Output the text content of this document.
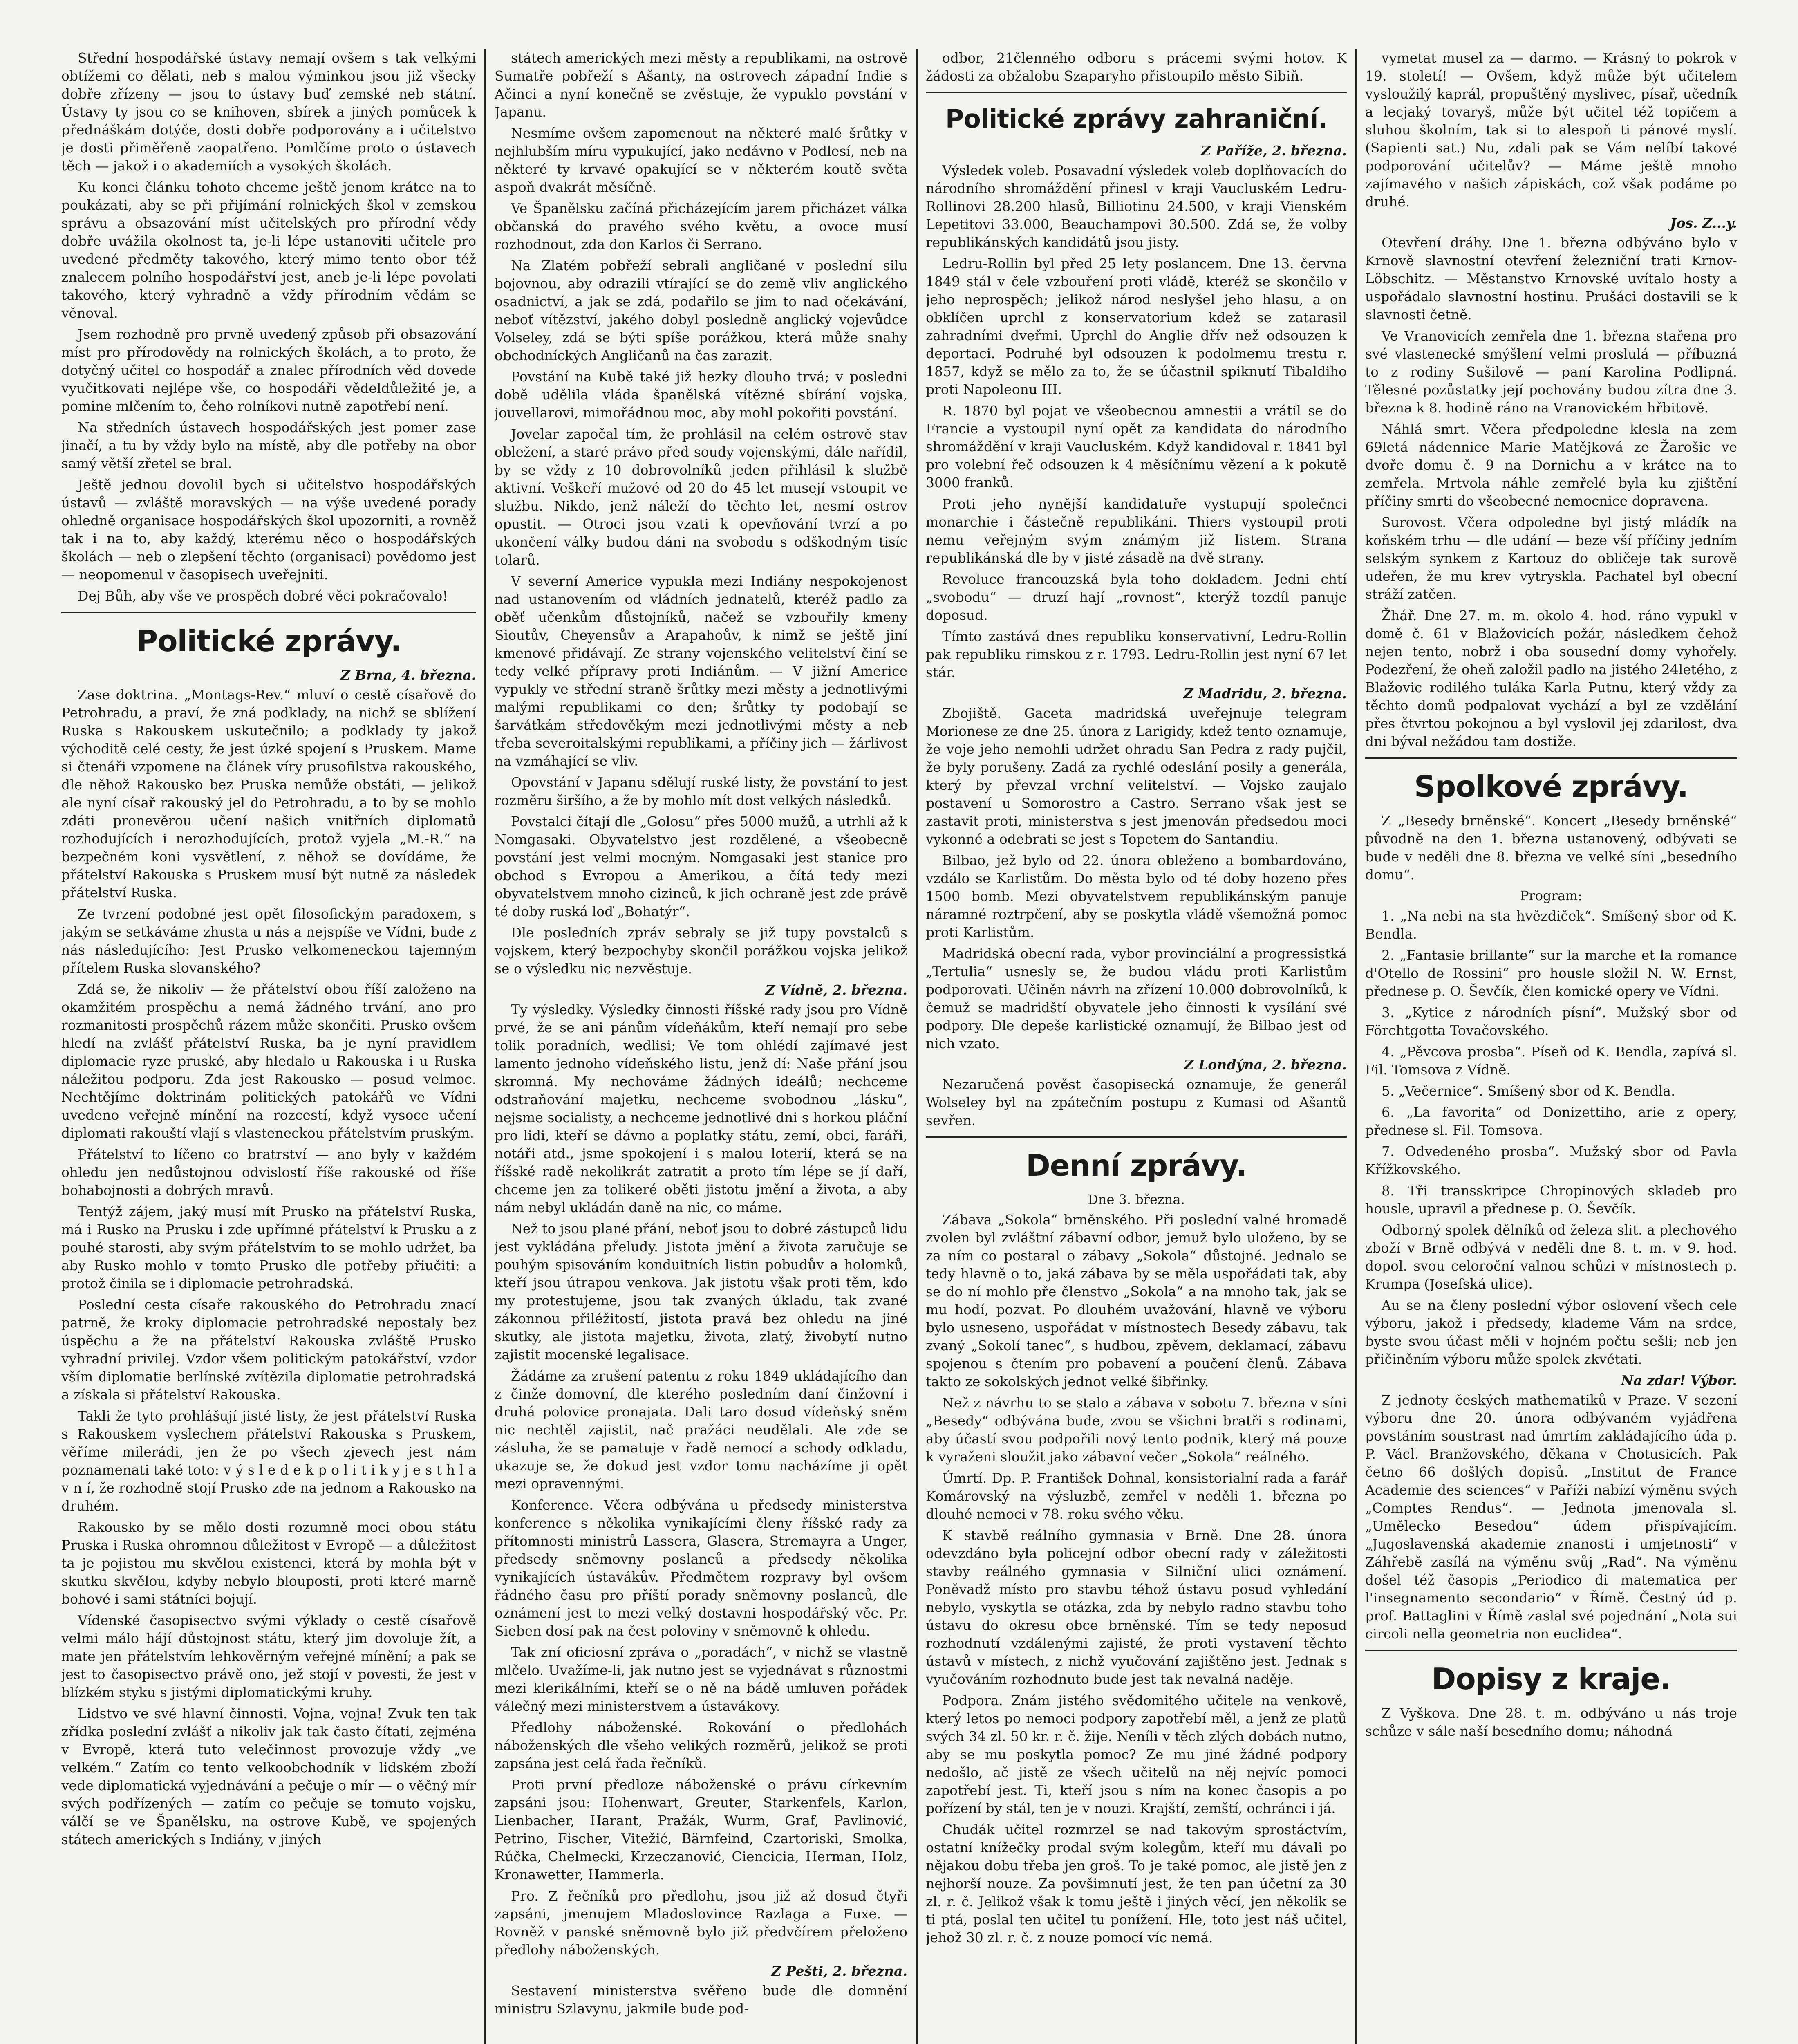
Střední hospodářské ústavy nemají ovšem s tak velkými obtížemi co dělati, neb s malou výminkou jsou již všecky dobře zřízeny — jsou to ústavy buď zemské neb státní. Ústavy ty jsou co se knihoven, sbírek a jiných pomůcek k přednáškám dotýče, dosti dobře podporovány a i učitelstvo je dosti přiměřeně zaopatřeno. Pomlčíme proto o ústavech těch — jakož i o akademiích a vysokých školách.

Ku konci článku tohoto chceme ještě jenom krátce na to poukázati, aby se při přijímání rolnických škol v zemskou správu a obsazování míst učitelských pro přírodní vědy dobře uvážila okolnost ta, je-li lépe ustanoviti učitele pro uvedené předměty takového, který mimo tento obor též znalecem polního hospodářství jest, aneb je-li lépe povolati takového, který vyhradně a vždy přírodním vědám se věnoval.

Jsem rozhodně pro prvně uvedený způsob při obsazování míst pro přírodovědy na rolnických školách, a to proto, že dotyčný učitel co hospodář a znalec přírodních věd dovede vyučitkovati nejlépe vše, co hospodáři vědeldůležité je, a pomine mlčením to, čeho rolníkovi nutně zapotřebí není.

Na středních ústavech hospodářských jest pomer zase jinačí, a tu by vždy bylo na místě, aby dle potřeby na obor samý větší zřetel se bral.

Ještě jednou dovolil bych si učitelstvo hospodářských ústavů — zvláště moravských — na výše uvedené porady ohledně organisace hospodářských škol upozorniti, a rovněž tak i na to, aby každý, kterému něco o hospodářských školách — neb o zlepšení těchto (organisaci) povědomo jest — neopomenul v časopisech uveřejniti.

Dej Bůh, aby vše ve prospěch dobré věci pokračovalo!

Politické zprávy.

Z Brna, 4. března.

Zase doktrina. „Montags-Rev.“ mluví o cestě císařově do Petrohradu, a praví, že zná podklady, na nichž se sblížení Ruska s Rakouskem uskutečnilo; a podklady ty jakož východitě celé cesty, že jest úzké spojení s Pruskem. Mame si čtenáři vzpomene na článek víry prusofilstva rakouského, dle něhož Rakousko bez Pruska nemůže obstáti, — jelikož ale nyní císař rakouský jel do Petrohradu, a to by se mohlo zdáti pronevěrou učení našich vnitřních diplomatů rozhodujících i nerozhodujících, protož vyjela „M.-R.“ na bezpečném koni vysvětlení, z něhož se dovídáme, že přátelství Rakouska s Pruskem musí být nutně za následek přátelství Ruska.

Ze tvrzení podobné jest opět filosofickým paradoxem, s jakým se setkáváme zhusta u nás a nejspíše ve Vídni, bude z nás následujícího: Jest Prusko velkomeneckou tajemným přítelem Ruska slovanského?

Zdá se, že nikoliv — že přátelství obou říší založeno na okamžitém prospěchu a nemá žádného trvání, ano pro rozmanitosti prospěchů rázem může skončiti. Prusko ovšem hledí na zvlášť přátelství Ruska, ba je nyní pravidlem diplomacie ryze pruské, aby hledalo u Rakouska i u Ruska náležitou podporu. Zda jest Rakousko — posud velmoc. Nechtějíme doktrinám politických patokářů ve Vídni uvedeno veřejně mínění na rozcestí, když vysoce učení diplomati rakouští vlají s vlasteneckou přátelstvím pruským.

Přátelství to líčeno co bratrství — ano byly v každém ohledu jen nedůstojnou odvislostí říše rakouské od říše bohabojnosti a dobrých mravů.

Tentýž zájem, jaký musí mít Prusko na přátelství Ruska, má i Rusko na Prusku i zde upřímné přátelství k Prusku a z pouhé starosti, aby svým přátelstvím to se mohlo udržet, ba aby Rusko mohlo v tomto Prusko dle potřeby přiučiti: a protož činila se i diplomacie petrohradská.

Poslední cesta císaře rakouského do Petrohradu znací patrně, že kroky diplomacie petrohradské nepostaly bez úspěchu a že na přátelství Rakouska zvláště Prusko vyhradní privilej. Vzdor všem politickým patokářství, vzdor vším diplomatie berlínské zvítězila diplomatie petrohradská a získala si přátelství Rakouska.

Takli že tyto prohlášují jisté listy, že jest přátelství Ruska s Rakouskem vyslechem přátelství Rakouska s Pruskem, věříme milerádi, jen že po všech zjevech jest nám poznamenati také toto: v ý s l e d e k p o l i t i k y j e s t h l a v n í, že rozhodně stojí Prusko zde na jednom a Rakousko na druhém.

Rakousko by se mělo dosti rozumně moci obou státu Pruska i Ruska ohromnou důležitost v Evropě — a důležitost ta je pojistou mu skvělou existenci, která by mohla být v skutku skvělou, kdyby nebylo blouposti, proti které marně bohové i sami státníci bojují.

Vídenské časopisectvo svými výklady o cestě císařově velmi málo hájí důstojnost státu, který jim dovoluje žít, a mate jen přátelstvím lehkověrným veřejné mínění; a pak se jest to časopisectvo právě ono, jež stojí v povesti, že jest v blízkém styku s jistými diplomatickými kruhy.

Lidstvo ve své hlavní činnosti. Vojna, vojna! Zvuk ten tak zřídka poslední zvlášť a nikoliv jak tak často čítati, zejména v Evropě, která tuto velečinnost provozuje vždy „ve velkém.“ Zatím co tento velkoobchodník v lidském zboží vede diplomatická vyjednávání a pečuje o mír — o věčný mír svých podřízených — zatím co pečuje se tomuto vojsku, válčí se ve Španělsku, na ostrove Kubě, ve spojených státech amerických s Indiány, v jiných

státech amerických mezi městy a republikami, na ostrově Sumatře pobřeží s Ašanty, na ostrovech západní Indie s Ačinci a nyní konečně se zvěstuje, že vypuklo povstání v Japanu.

Nesmíme ovšem zapomenout na některé malé šrůtky v nejhlubším míru vypukující, jako nedávno v Podlesí, neb na některé ty krvavé opakující se v některém koutě světa aspoň dvakrát měsíčně.

Ve Španělsku začíná přicházejícím jarem přicházet válka občanská do pravého svého květu, a ovoce musí rozhodnout, zda don Karlos či Serrano.

Na Zlatém pobřeží sebrali angličané v poslední silu bojovnou, aby odrazili vtírající se do země vliv anglického osadnictví, a jak se zdá, podařilo se jim to nad očekávání, neboť vítězství, jakého dobyl posledně anglický vojevůdce Volseley, zdá se býti spíše porážkou, která může snahy obchodníckých Angličanů na čas zarazit.

Povstání na Kubě také již hezky dlouho trvá; v posledni době udělila vláda španělská vítězné sbírání vojska, jouvellarovi, mimořádnou moc, aby mohl pokořiti povstání.

Jovelar započal tím, že prohlásil na celém ostrově stav obležení, a staré právo před soudy vojenskými, dále nařídil, by se vždy z 10 dobrovolníků jeden přihlásil k službě aktivní. Veškeří mužové od 20 do 45 let musejí vstoupit ve službu. Nikdo, jenž náleží do těchto let, nesmí ostrov opustit. — Otroci jsou vzati k opevňování tvrzí a po ukončení války budou dáni na svobodu s odškodným tisíc tolarů.

V severní Americe vypukla mezi Indiány nespokojenost nad ustanovením od vládních jednatelů, kteréž padlo za oběť učenkům důstojníků, načež se vzbouřily kmeny Sioutův, Cheyensův a Arapahoův, k nimž se ještě jiní kmenové přidávají. Ze strany vojenského velitelství činí se tedy velké přípravy proti Indiánům. — V jižní Americe vypukly ve střední straně šrůtky mezi městy a jednotlivými malými republikami co den; šrůtky ty podobají se šarvátkám středověkým mezi jednotlivými městy a neb třeba severoitalskými republikami, a příčiny jich — žárlivost na vzmáhající se vliv.

Opovstání v Japanu sdělují ruské listy, že povstání to jest rozměru širšího, a že by mohlo mít dost velkých následků.

Povstalci čítají dle „Golosu“ přes 5000 mužů, a utrhli až k Nomgasaki. Obyvatelstvo jest rozdělené, a všeobecně povstání jest velmi mocným. Nomgasaki jest stanice pro obchod s Evropou a Amerikou, a čítá tedy mezi obyvatelstvem mnoho cizinců, k jich ochraně jest zde právě té doby ruská loď „Bohatýr“.

Dle posledních zpráv sebraly se již tupy povstalců s vojskem, který bezpochyby skončil porážkou vojska jelikož se o výsledku nic nezvěstuje.

Z Vídně, 2. března.

Ty výsledky. Výsledky činnosti říšské rady jsou pro Vídně prvé, že se ani pánům vídeňákům, kteří nemají pro sebe tolik poradních, wedlisi; Ve tom ohlédí zajímavé jest lamento jednoho vídeňského listu, jenž dí: Naše přání jsou skromná. My nechováme žádných ideálů; nechceme odstraňování majetku, nechceme svobodnou „lásku“, nejsme socialisty, a nechceme jednotlivé dni s horkou pláční pro lidi, kteří se dávno a poplatky státu, zemí, obci, faráři, notáři atd., jsme spokojení i s malou loterií, která se na říšské radě nekolikrát zatratit a proto tím lépe se jí daří, chceme jen za tolikeré oběti jistotu jmění a života, a aby nám nebyl ukládán daně na nic, co máme.

Než to jsou plané přání, neboť jsou to dobré zástupců lidu jest vykládána přeludy. Jistota jmění a života zaručuje se pouhým spisováním konduitních listin pobudův a holomků, kteří jsou útrapou venkova. Jak jistotu však proti těm, kdo my protestujeme, jsou tak zvaných úkladu, tak zvané zákonnou přiléžitostí, jistota pravá bez ohledu na jiné skutky, ale jistota majetku, života, zlatý, živobytí nutno zajistit mocenské legalisace.

Žádáme za zrušení patentu z roku 1849 ukládajícího dan z činže domovní, dle kterého posledním daní činžovní i druhá polovice pronajata. Dali taro dosud vídeňský sněm nic nechtěl zajistit, nač pražáci neudělali. Ale zde se zásluha, že se pamatuje v řadě nemocí a schody odkladu, ukazuje se, že dokud jest vzdor tomu nacházíme ji opět mezi opravennými.

Konference. Včera odbývána u předsedy ministerstva konference s několika vynikajícími členy říšské rady za přítomnosti ministrů Lassera, Glasera, Stremayra a Unger, předsedy sněmovny poslanců a předsedy několika vynikajících ústavákův. Předmětem rozpravy byl ovšem řádného času pro příští porady sněmovny poslanců, dle oznámení jest to mezi velký dostavni hospodářský věc. Pr. Sieben dosí pak na čest poloviny v sněmovně k ohledu.

Tak zní oficiosní zpráva o „poradách“, v nichž se vlastně mlčelo. Uvažíme-li, jak nutno jest se vyjednávat s různostmi mezi klerikálními, kteří se o ně na bádě umluven pořádek válečný mezi ministerstvem a ústavákovy.

Předlohy náboženské. Rokování o předlohách náboženských dle všeho velikých rozměrů, jelikož se proti zapsána jest celá řada řečníků.

Proti první předloze náboženské o právu církevním zapsáni jsou: Hohenwart, Greuter, Starkenfels, Karlon, Lienbacher, Harant, Pražák, Wurm, Graf, Pavlinović, Petrino, Fischer, Vitežić, Bärnfeind, Czartoriski, Smolka, Rúčka, Chelmecki, Krzeczanović, Ciencicia, Herman, Holz, Kronawetter, Hammerla.

Pro. Z řečníků pro předlohu, jsou již až dosud čtyři zapsáni, jmenujem Mladoslovince Razlaga a Fuxe. — Rovněž v panské sněmovně bylo již předvčírem přeloženo předlohy náboženských.

Z Pešti, 2. března.

Sestavení ministerstva svěřeno bude dle domnění ministru Szlavynu, jakmile bude pod-

odbor, 21členného odboru s prácemi svými hotov. K žádosti za obžalobu Szaparyho přistoupilo město Sibiň.

Politické zprávy zahraniční.

Z Paříže, 2. března.

Výsledek voleb. Posavadní výsledek voleb doplňovacích do národního shromáždění přinesl v kraji Vaucluském Ledru-Rollinovi 28.200 hlasů, Billiotinu 24.500, v kraji Vienském Lepetitovi 33.000, Beauchampovi 30.500. Zdá se, že volby republikánských kandidátů jsou jisty.

Ledru-Rollin byl před 25 lety poslancem. Dne 13. června 1849 stál v čele vzbouření proti vládě, kteréž se skončilo v jeho neprospěch; jelikož národ neslyšel jeho hlasu, a on obklíčen uprchl z konservatorium kdež se zatarasil zahradními dveřmi. Uprchl do Anglie dřív než odsouzen k deportaci. Podruhé byl odsouzen k podolmemu trestu r. 1857, když se mělo za to, že se účastnil spiknutí Tibaldiho proti Napoleonu III.

R. 1870 byl pojat ve všeobecnou amnestii a vrátil se do Francie a vystoupil nyní opět za kandidata do národního shromáždění v kraji Vaucluském. Když kandidoval r. 1841 byl pro volební řeč odsouzen k 4 měsíčnímu vězení a k pokutě 3000 franků.

Proti jeho nynější kandidatuře vystupují společnci monarchie i částečně republikáni. Thiers vystoupil proti nemu veřejným svým známým již listem. Strana republikánská dle by v jisté zásadě na dvě strany.

Revoluce francouzská byla toho dokladem. Jedni chtí „svobodu“ — druzí hají „rovnost“, kterýž tozdíl panuje doposud.

Tímto zastává dnes republiku konservativní, Ledru-Rollin pak republiku rimskou z r. 1793. Ledru-Rollin jest nyní 67 let stár.

Z Madridu, 2. března.

Zbojiště. Gaceta madridská uveřejnuje telegram Morionese ze dne 25. února z Larigidy, kdež tento oznamuje, že voje jeho nemohli udržet ohradu San Pedra z rady pujčil, že byly porušeny. Zadá za rychlé odeslání posily a generála, který by převzal vrchní velitelství. — Vojsko zaujalo postavení u Somorostro a Castro. Serrano však jest se zastavit proti, ministerstva s jest jmenován předsedou moci vykonné a odebrati se jest s Topetem do Santandiu.

Bilbao, jež bylo od 22. února obleženo a bombardováno, vzdálo se Karlistům. Do města bylo od té doby hozeno přes 1500 bomb. Mezi obyvatelstvem republikánským panuje náramné roztrpčení, aby se poskytla vládě všemožná pomoc proti Karlistům.

Madridská obecní rada, vybor provinciální a progressistká „Tertulia“ usnesly se, že budou vládu proti Karlistům podporovati. Učiněn návrh na zřízení 10.000 dobrovolníků, k čemuž se madridští obyvatele jeho činnosti k vysílání své podpory. Dle depeše karlistické oznamují, že Bilbao jest od nich vzato.

Z Londýna, 2. března.

Nezaručená pověst časopisecká oznamuje, že generál Wolseley byl na zpátečním postupu z Kumasi od Ašantů sevřen.

Denní zprávy.

Dne 3. března.

Zábava „Sokola“ brněnského. Při poslední valné hromadě zvolen byl zvláštní zábavní odbor, jemuž bylo uloženo, by se za ním co postaral o zábavy „Sokola“ důstojné. Jednalo se tedy hlavně o to, jaká zábava by se měla uspořádati tak, aby se do ní mohlo pře členstvo „Sokola“ a na mnoho tak, jak se mu hodí, pozvat. Po dlouhém uvažování, hlavně ve výboru bylo usneseno, uspořádat v místnostech Besedy zábavu, tak zvaný „Sokolí tanec“, s hudbou, zpěvem, deklamací, zábavu spojenou s čtením pro pobavení a poučení členů. Zábava takto ze sokolských jednot velké šibřinky.

Než z návrhu to se stalo a zábava v sobotu 7. března v síni „Besedy“ odbývána bude, zvou se všichni bratři s rodinami, aby účastí svou podpořili nový tento podnik, který má pouze k vyraženi sloužit jako zábavní večer „Sokola“ reálného.

Úmrtí. Dp. P. František Dohnal, konsistorialní rada a farář Komárovský na výsluzbě, zemřel v neděli 1. března po dlouhé nemoci v 78. roku svého věku.

K stavbě reálního gymnasia v Brně. Dne 28. února odevzdáno byla policejní odbor obecní rady v záležitosti stavby reálného gymnasia v Silniční ulici oznámení. Poněvadž místo pro stavbu téhož ústavu posud vyhledání nebylo, vyskytla se otázka, zda by nebylo radno stavbu toho ústavu do okresu obce brněnské. Tím se tedy neposud rozhodnutí vzdálenými zajisté, že proti vystavení těchto ústavů v místech, z nichž vyučování zajištěno jest. Jednak s vyučováním rozhodnuto bude jest tak nevalná naděje.

Podpora. Znám jistého svědomitého učitele na venkově, který letos po nemoci podpory zapotřebí měl, a jenž ze platů svých 34 zl. 50 kr. r. č. žije. Neníli v těch zlých dobách nutno, aby se mu poskytla pomoc? Ze mu jiné žádné podpory nedošlo, ač jistě ze všech učitelů na něj nejvíc pomoci zapotřebí jest. Ti, kteří jsou s ním na konec časopis a po pořízení by stál, ten je v nouzi. Krajští, zemští, ochránci i já.

Chudák učitel rozmrzel se nad takovým sprostáctvím, ostatní knížečky prodal svým kolegům, kteří mu dávali po nějakou dobu třeba jen groš. To je také pomoc, ale jistě jen z nejhorší nouze. Za povšimnutí jest, že ten pan účetní za 30 zl. r. č. Jelikož však k tomu ještě i jiných věcí, jen několik se ti ptá, poslal ten učitel tu ponížení. Hle, toto jest náš učitel, jehož 30 zl. r. č. z nouze pomocí víc nemá.

vymetat musel za — darmo. — Krásný to pokrok v 19. století! — Ovšem, když může být učitelem vysloužilý kaprál, propuštěný myslivec, písař, učedník a lecjaký tovaryš, může být učitel též topičem a sluhou školním, tak si to alespoň ti pánové myslí. (Sapienti sat.) Nu, zdali pak se Vám nelíbí takové podporování učitelův? — Máme ještě mnoho zajímavého v našich zápiskách, což však podáme po druhé.

Jos. Z...y.

Otevření dráhy. Dne 1. března odbýváno bylo v Krnově slavnostní otevření železniční trati Krnov-Löbschitz. — Městanstvo Krnovské uvítalo hosty a uspořádalo slavnostní hostinu. Prušáci dostavili se k slavnosti četně.

Ve Vranovicích zemřela dne 1. března stařena pro své vlastenecké smýšlení velmi proslulá — příbuzná to z rodiny Sušilově — paní Karolina Podlipná. Tělesné pozůstatky její pochovány budou zítra dne 3. března k 8. hodině ráno na Vranovickém hřbitově.

Náhlá smrt. Včera předpoledne klesla na zem 69letá nádennice Marie Matějková ze Žarošic ve dvoře domu č. 9 na Dornichu a v krátce na to zemřela. Mrtvola náhle zemřelé byla ku zjištění příčiny smrti do všeobecné nemocnice dopravena.

Surovost. Včera odpoledne byl jistý mládík na koňském trhu — dle udání — beze vší příčiny jedním selským synkem z Kartouz do obličeje tak surově udeřen, že mu krev vytryskla. Pachatel byl obecní stráží zatčen.

Žhář. Dne 27. m. m. okolo 4. hod. ráno vypukl v domě č. 61 v Blažovicích požár, následkem čehož nejen tento, nobrž i oba sousední domy vyhořely. Podezření, že oheň založil padlo na jistého 24letého, z Blažovic rodilého tuláka Karla Putnu, který vždy za těchto domů podpalovat vychází a byl ze vzdělání přes čtvrtou pokojnou a byl vyslovil jej zdarilost, dva dni býval nežádou tam dostiže.

Spolkové zprávy.

Z „Besedy brněnské“. Koncert „Besedy brněnské“ původně na den 1. března ustanovený, odbývati se bude v neděli dne 8. března ve velké síni „besedního domu“.

Program:

1. „Na nebi na sta hvězdiček“. Smíšený sbor od K. Bendla.

2. „Fantasie brillante“ sur la marche et la romance d'Otello de Rossini“ pro housle složil N. W. Ernst, přednese p. O. Ševčík, člen komické opery ve Vídni.

3. „Kytice z národních písní“. Mužský sbor od Förchtgotta Tovačovského.

4. „Pěvcova prosba“. Píseň od K. Bendla, zapívá sl. Fil. Tomsova z Vídně.

5. „Večernice“. Smíšený sbor od K. Bendla.

6. „La favorita“ od Donizettiho, arie z opery, přednese sl. Fil. Tomsova.

7. Odvedeného prosba“. Mužský sbor od Pavla Křížkovského.

8. Tři transskripce Chropinových skladeb pro housle, upravil a přednese p. O. Ševčík.

Odborný spolek dělníků od železa slit. a plechového zboží v Brně odbývá v neděli dne 8. t. m. v 9. hod. dopol. svou celoroční valnou schůzi v místnostech p. Krumpa (Josefská ulice).

Au se na členy poslední výbor oslovení všech cele výboru, jakož i předsedy, klademe Vám na srdce, byste svou účast měli v hojném počtu sešli; neb jen přičiněním výboru může spolek zkvétati.

Na zdar! Výbor.

Z jednoty českých mathematiků v Praze. V sezení výboru dne 20. února odbývaném vyjádřena povstáním soustrast nad úmrtím zakládajícího úda p. P. Václ. Branžovského, děkana v Chotusicích. Pak četno 66 došlých dopisů. „Institut de France Academie des sciences“ v Paříži nabízí výměnu svých „Comptes Rendus“. — Jednota jmenovala sl. „Umělecko Besedou“ údem přispívajícím. „Jugoslavenská akademie znanosti i umjetnosti“ v Záhřebě zasílá na výměnu svůj „Rad“. Na výměnu došel též časopis „Periodico di matematica per l'insegnamento secondario“ v Římě. Čestný úd p. prof. Battaglini v Římě zaslal své pojednání „Nota sui circoli nella geometria non euclidea“.

Dopisy z kraje.

Z Vyškova. Dne 28. t. m. odbýváno u nás troje schůze v sále naší besedního domu; náhodná
